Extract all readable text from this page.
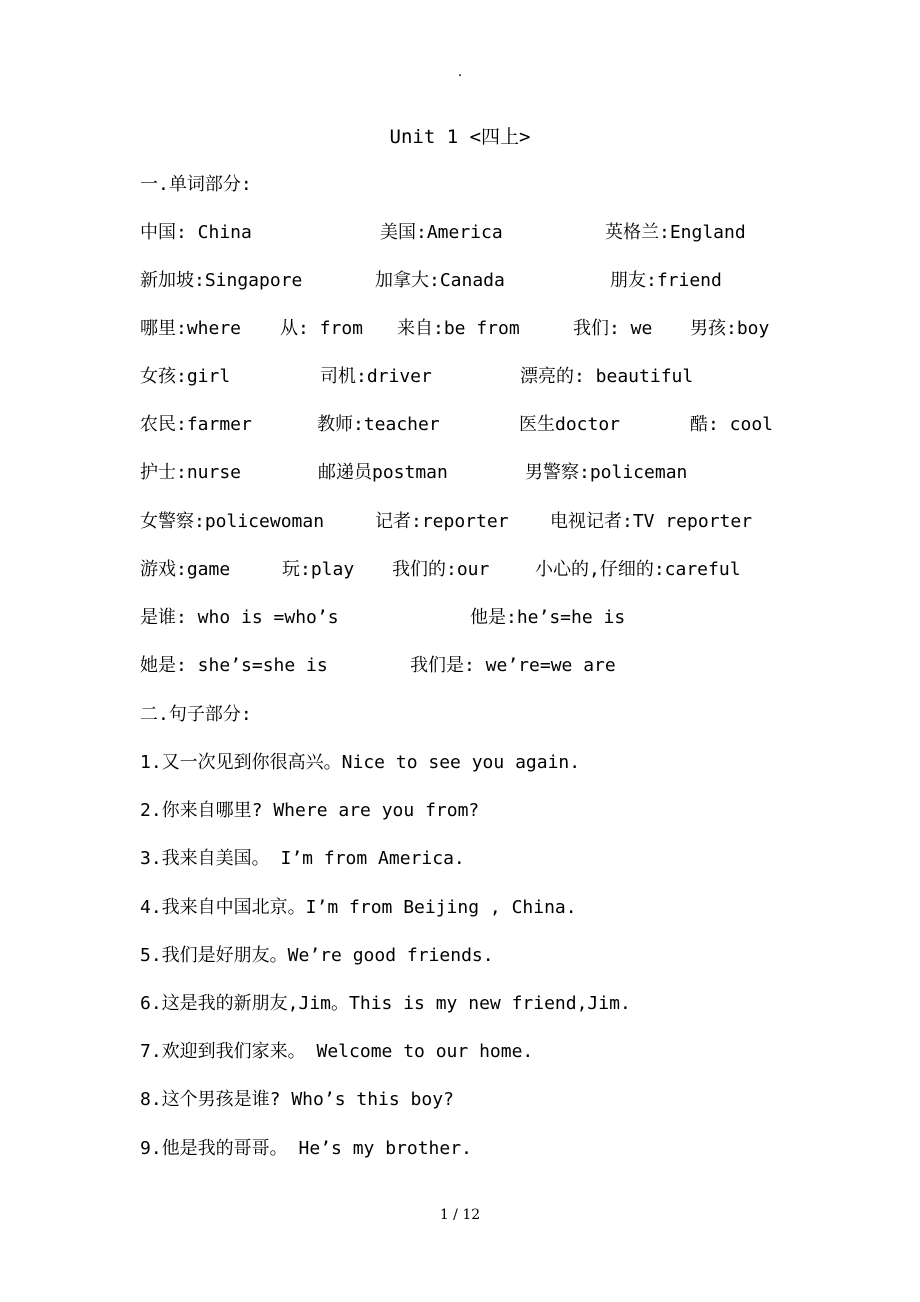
.
Unit 1 <四上>
一.单词部分:
中国: China	美国:America	英格兰:England
新加坡:Singapore	加拿大:Canada	朋友:friend
哪里:where 从: from 来自:be from	我们: we 男孩:boy
女孩:girl	司机:driver	漂亮的: beautiful
农民:farmer	教师:teacher	医生doctor	酷: cool
护士:nurse	邮递员postman	男警察:policeman
女警察:policewoman	记者:reporter 电视记者:TV reporter
游戏:game	玩:play 我们的:our	小心的,仔细的:careful
是谁: who is =who’s	他是:he’s=he is
她是: she’s=she is	我们是: we’re=we are
二.句子部分:
1.又一次见到你很高兴。Nice to see you again.
2.你来自哪里? Where are you from?
3.我来自美国。 I’m from America.
4.我来自中国北京。I’m from Beijing , China.
5.我们是好朋友。We’re good friends.
6.这是我的新朋友,Jim。This is my new friend,Jim.
7.欢迎到我们家来。 Welcome to our home.
8.这个男孩是谁? Who’s this boy?
9.他是我的哥哥。 He’s my brother.
1 / 12
